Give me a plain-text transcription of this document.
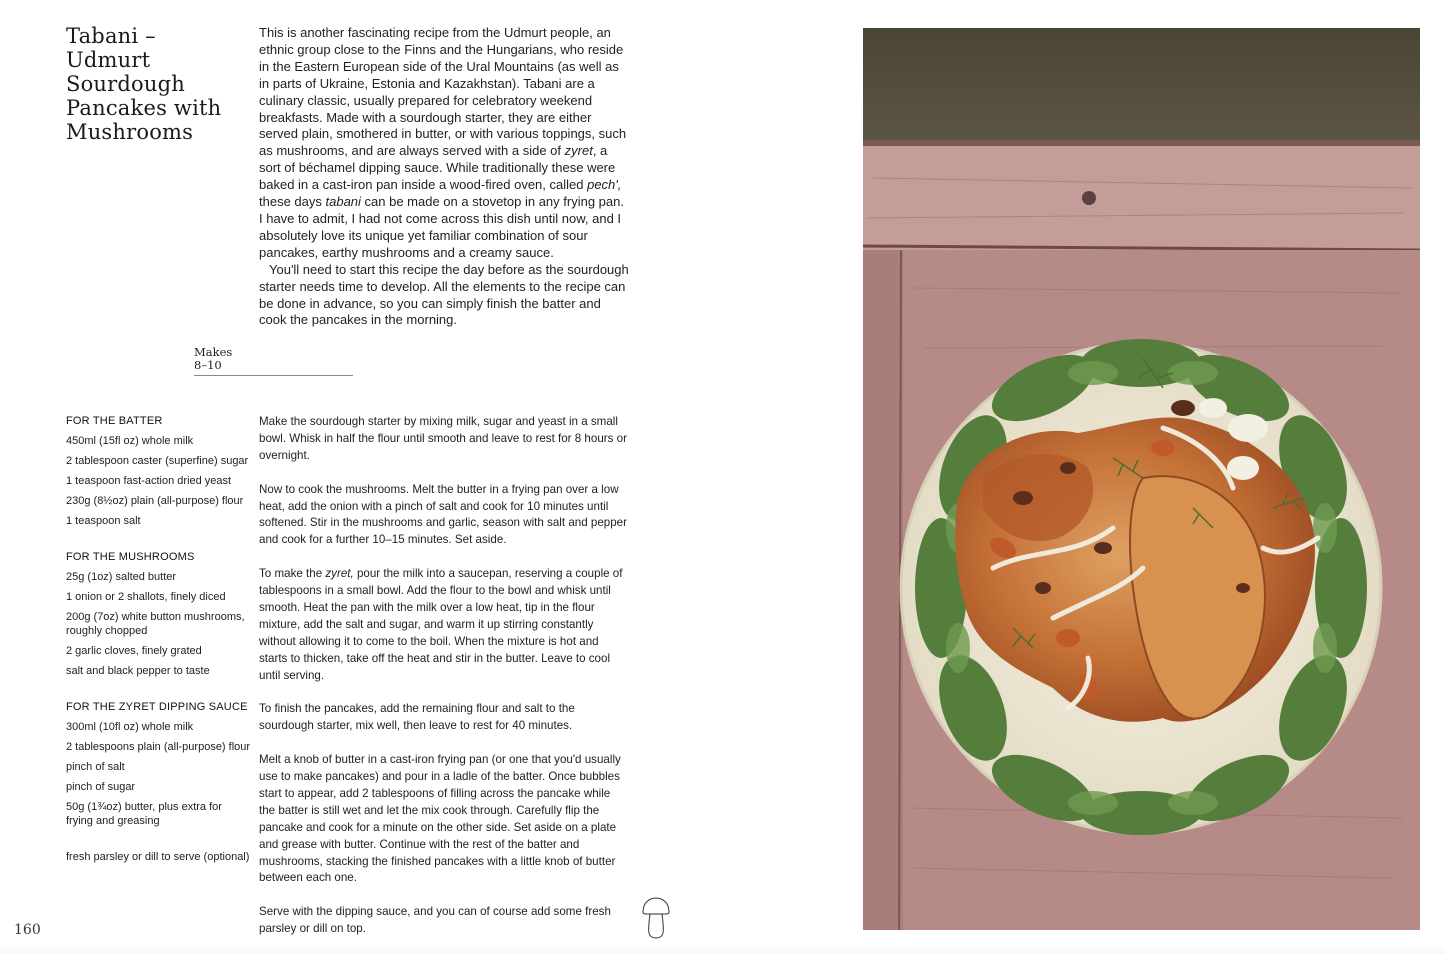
Tabani – Udmurt Sourdough Pancakes with Mushrooms

This is another fascinating recipe from the Udmurt people, an ethnic group close to the Finns and the Hungarians, who reside in the Eastern European side of the Ural Mountains (as well as in parts of Ukraine, Estonia and Kazakhstan). Tabani are a culinary classic, usually prepared for celebratory weekend breakfasts. Made with a sourdough starter, they are either served plain, smothered in butter, or with various toppings, such as mushrooms, and are always served with a side of zyret, a sort of béchamel dipping sauce. While traditionally these were baked in a cast-iron pan inside a wood-fired oven, called pech', these days tabani can be made on a stovetop in any frying pan. I have to admit, I had not come across this dish until now, and I absolutely love its unique yet familiar combination of sour pancakes, earthy mushrooms and a creamy sauce.

You'll need to start this recipe the day before as the sourdough starter needs time to develop. All the elements to the recipe can be done in advance, so you can simply finish the batter and cook the pancakes in the morning.

Makes
8–10
FOR THE BATTER
450ml (15fl oz) whole milk
2 tablespoon caster (superfine) sugar
1 teaspoon fast-action dried yeast
230g (8½oz) plain (all-purpose) flour
1 teaspoon salt
FOR THE MUSHROOMS
25g (1oz) salted butter
1 onion or 2 shallots, finely diced
200g (7oz) white button mushrooms, roughly chopped
2 garlic cloves, finely grated
salt and black pepper to taste
FOR THE ZYRET DIPPING SAUCE
300ml (10fl oz) whole milk
2 tablespoons plain (all-purpose) flour
pinch of salt
pinch of sugar
50g (1¾oz) butter, plus extra for frying and greasing
fresh parsley or dill to serve (optional)

Make the sourdough starter by mixing milk, sugar and yeast in a small bowl. Whisk in half the flour until smooth and leave to rest for 8 hours or overnight.

Now to cook the mushrooms. Melt the butter in a frying pan over a low heat, add the onion with a pinch of salt and cook for 10 minutes until softened. Stir in the mushrooms and garlic, season with salt and pepper and cook for a further 10–15 minutes. Set aside.

To make the zyret, pour the milk into a saucepan, reserving a couple of tablespoons in a small bowl. Add the flour to the bowl and whisk until smooth. Heat the pan with the milk over a low heat, tip in the flour mixture, add the salt and sugar, and warm it up stirring constantly without allowing it to come to the boil. When the mixture is hot and starts to thicken, take off the heat and stir in the butter. Leave to cool until serving.

To finish the pancakes, add the remaining flour and salt to the sourdough starter, mix well, then leave to rest for 40 minutes.

Melt a knob of butter in a cast-iron frying pan (or one that you'd usually use to make pancakes) and pour in a ladle of the batter. Once bubbles start to appear, add 2 tablespoons of filling across the pancake while the batter is still wet and let the mix cook through. Carefully flip the pancake and cook for a minute on the other side. Set aside on a plate and grease with butter. Continue with the rest of the batter and mushrooms, stacking the finished pancakes with a little knob of butter between each one.

Serve with the dipping sauce, and you can of course add some fresh parsley or dill on top.

160
